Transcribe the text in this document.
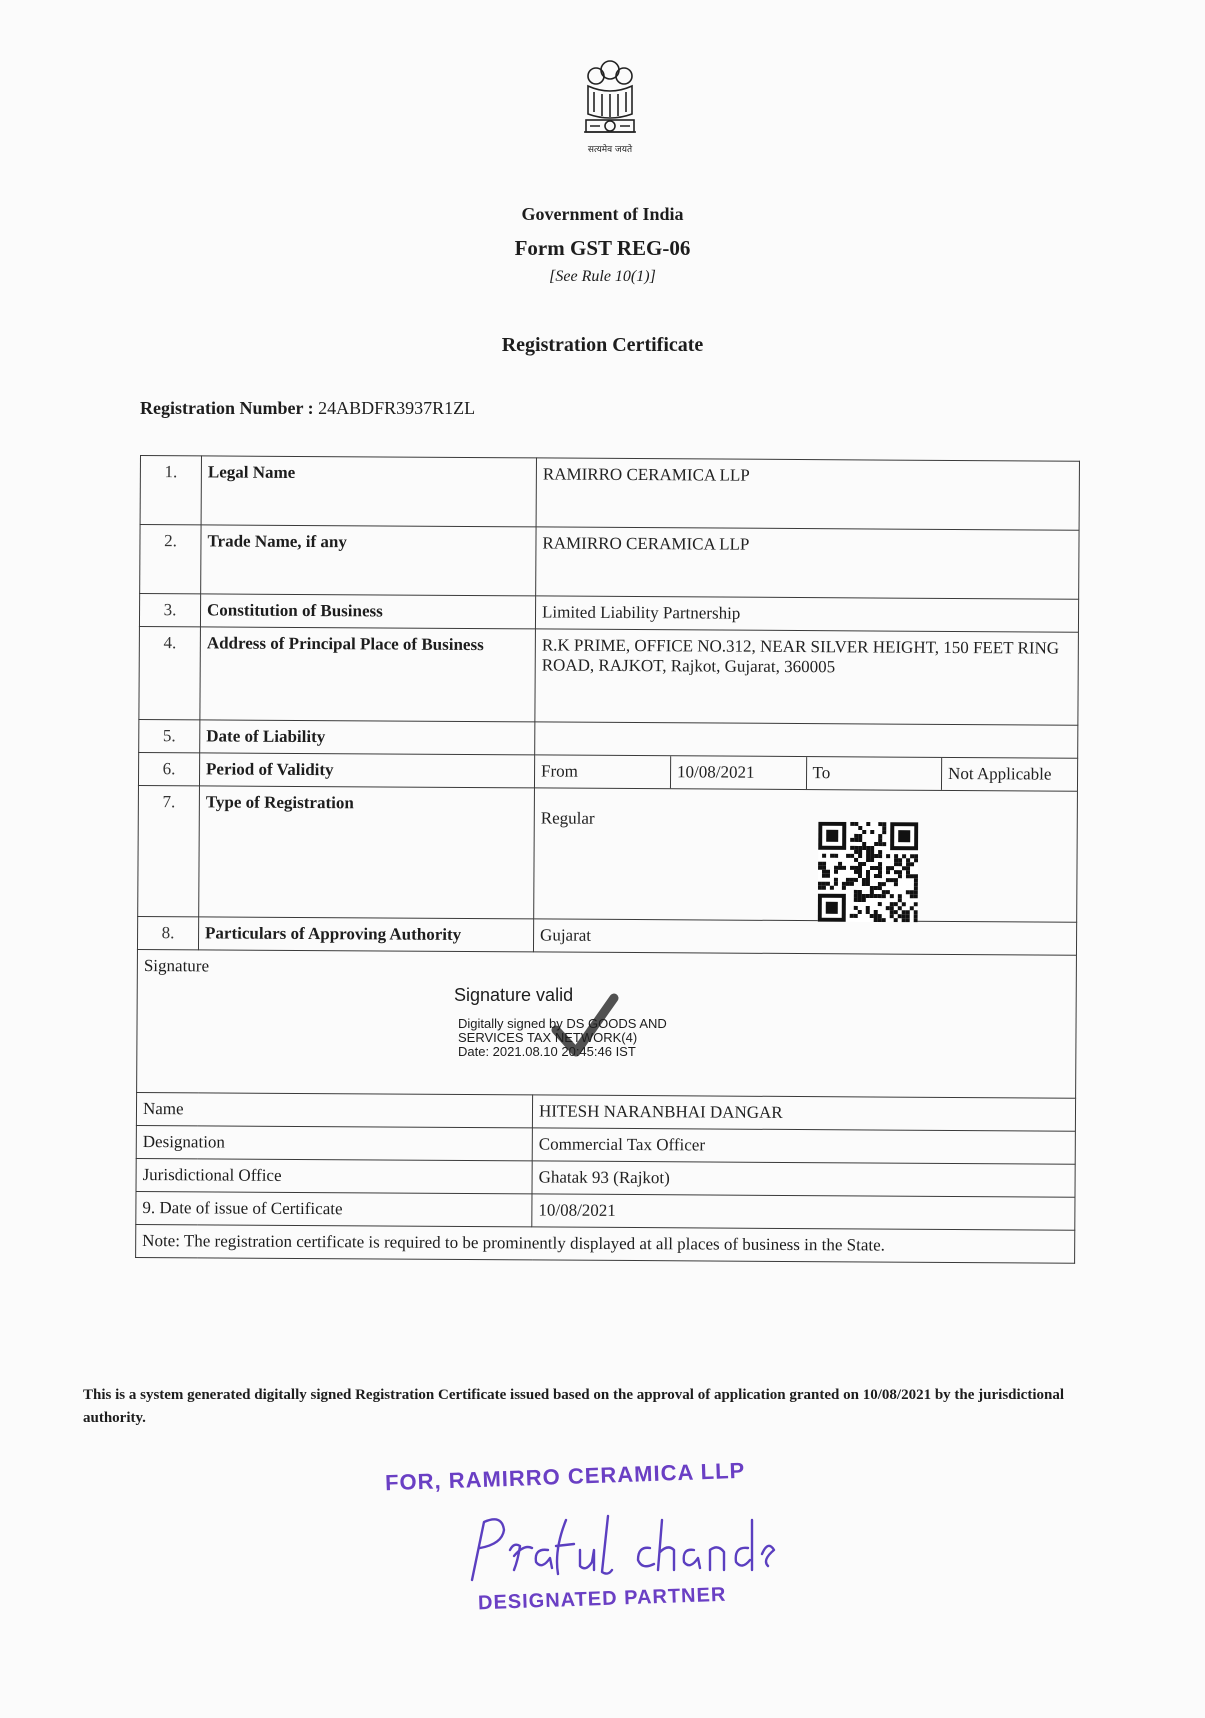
सत्यमेव जयते
Government of India
Form GST REG-06
[See Rule 10(1)]
Registration Certificate
Registration Number : 24ABDFR3937R1ZL
1.	Legal Name	RAMIRRO CERAMICA LLP
2.	Trade Name, if any	RAMIRRO CERAMICA LLP
3.	Constitution of Business	Limited Liability Partnership
4.	Address of Principal Place of Business	R.K PRIME, OFFICE NO.312, NEAR SILVER HEIGHT, 150 FEET RING ROAD, RAJKOT, Rajkot, Gujarat, 360005
5.	Date of Liability	
6.	Period of Validity		From	10/08/2021	To	Not Applicable

7.	Type of Registration	Regular
8.	Particulars of Approving Authority	Gujarat
Signature
Name	HITESH NARANBHAI DANGAR
Designation	Commercial Tax Officer
Jurisdictional Office	Ghatak 93 (Rajkot)
9. Date of issue of Certificate	10/08/2021
Note: The registration certificate is required to be prominently displayed at all places of business in the State.
Signature valid
Digitally signed by DS GOODS AND
SERVICES TAX NETWORK(4)
Date: 2021.08.10 20:45:46 IST
This is a system generated digitally signed Registration Certificate issued based on the approval of application granted on 10/08/2021 by the jurisdictional authority.
FOR, RAMIRRO CERAMICA LLP
DESIGNATED PARTNER
